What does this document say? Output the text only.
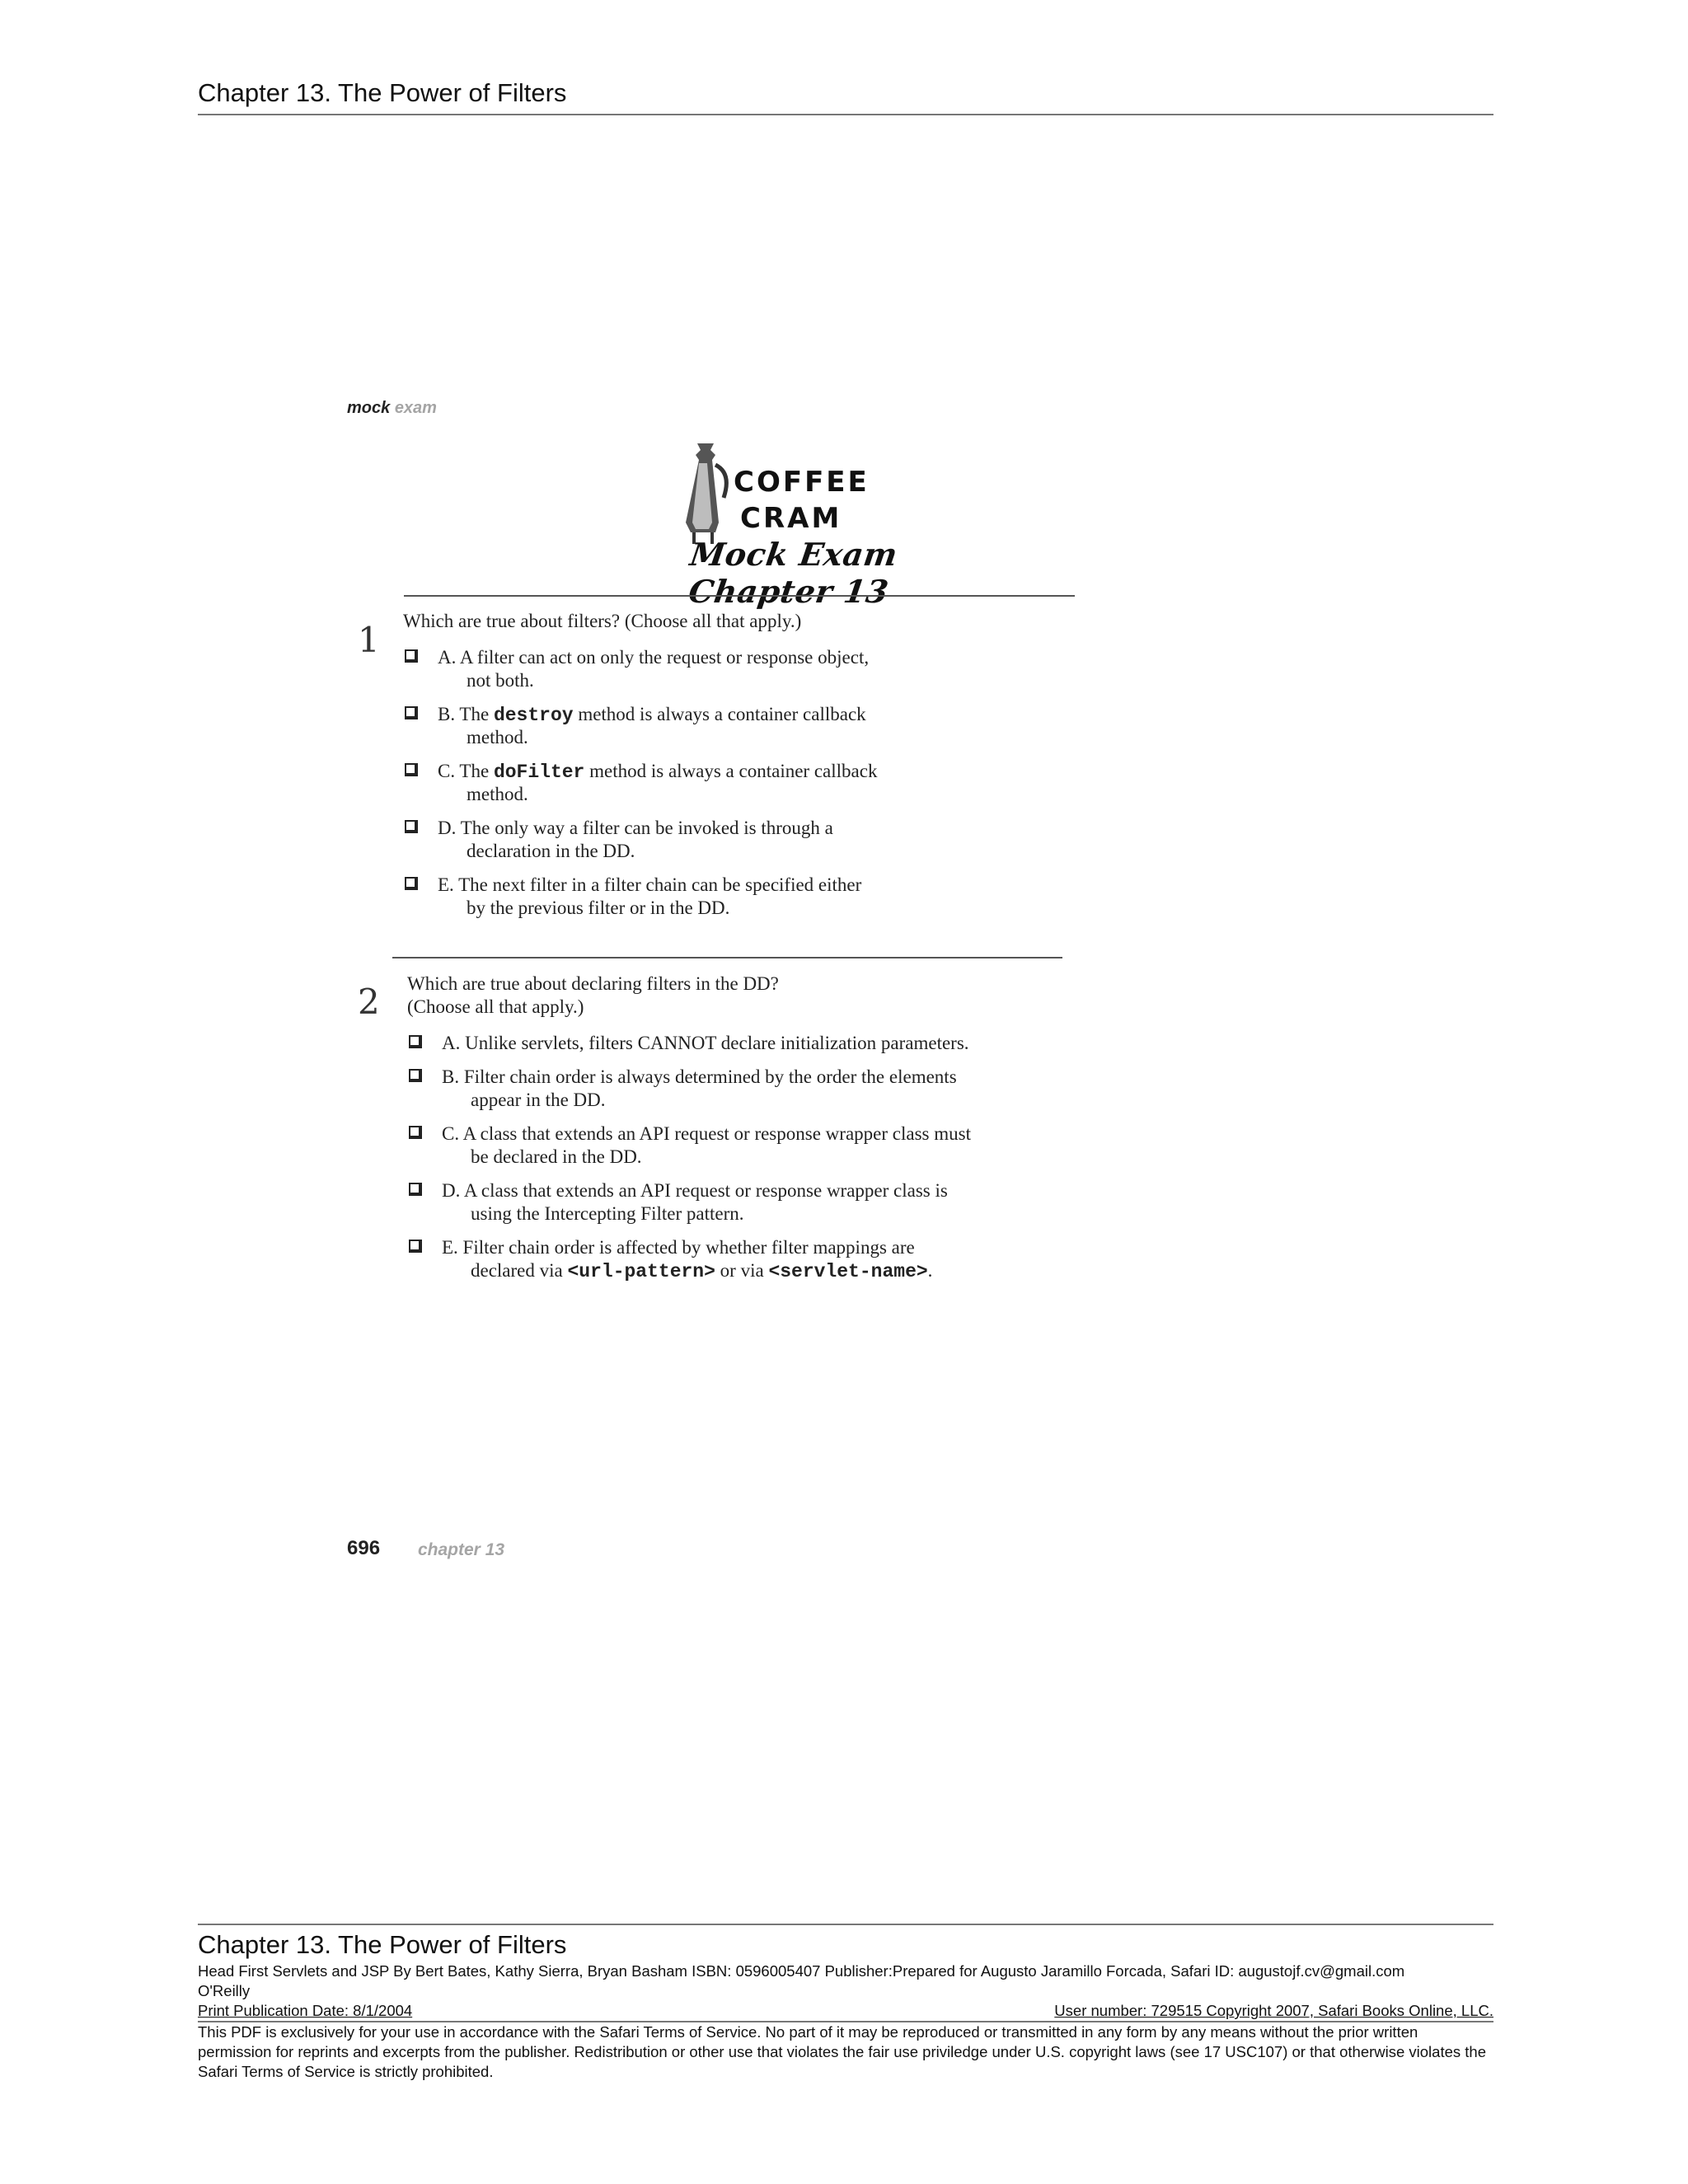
Chapter 13. The Power of Filters
mock exam
COFFEE
CRAM
Mock Exam Chapter 13
1 Which are true about filters? (Choose all that apply.)
A. A filter can act on only the request or response object,
not both.
B. The destroy method is always a container callback
method.
C. The doFilter method is always a container callback
method.
D. The only way a filter can be invoked is through a
declaration in the DD.
E. The next filter in a filter chain can be specified either
by the previous filter or in the DD.
2 Which are true about declaring filters in the DD?
(Choose all that apply.)
A. Unlike servlets, filters CANNOT declare initialization parameters.
B. Filter chain order is always determined by the order the elements
appear in the DD.
C. A class that extends an API request or response wrapper class must
be declared in the DD.
D. A class that extends an API request or response wrapper class is
using the Intercepting Filter pattern.
E. Filter chain order is affected by whether filter mappings are
declared via <url-pattern> or via <servlet-name>.
696 chapter 13
Chapter 13. The Power of Filters
Head First Servlets and JSP By Bert Bates, Kathy Sierra, Bryan Basham ISBN: 0596005407 Publisher:Prepared for Augusto Jaramillo Forcada, Safari ID: augustojf.cv@gmail.com
O'Reilly
Print Publication Date: 8/1/2004	User number: 729515 Copyright 2007, Safari Books Online, LLC.
This PDF is exclusively for your use in accordance with the Safari Terms of Service. No part of it may be reproduced or transmitted in any form by any means without the prior written permission for reprints and excerpts from the publisher. Redistribution or other use that violates the fair use priviledge under U.S. copyright laws (see 17 USC107) or that otherwise violates the Safari Terms of Service is strictly prohibited.
